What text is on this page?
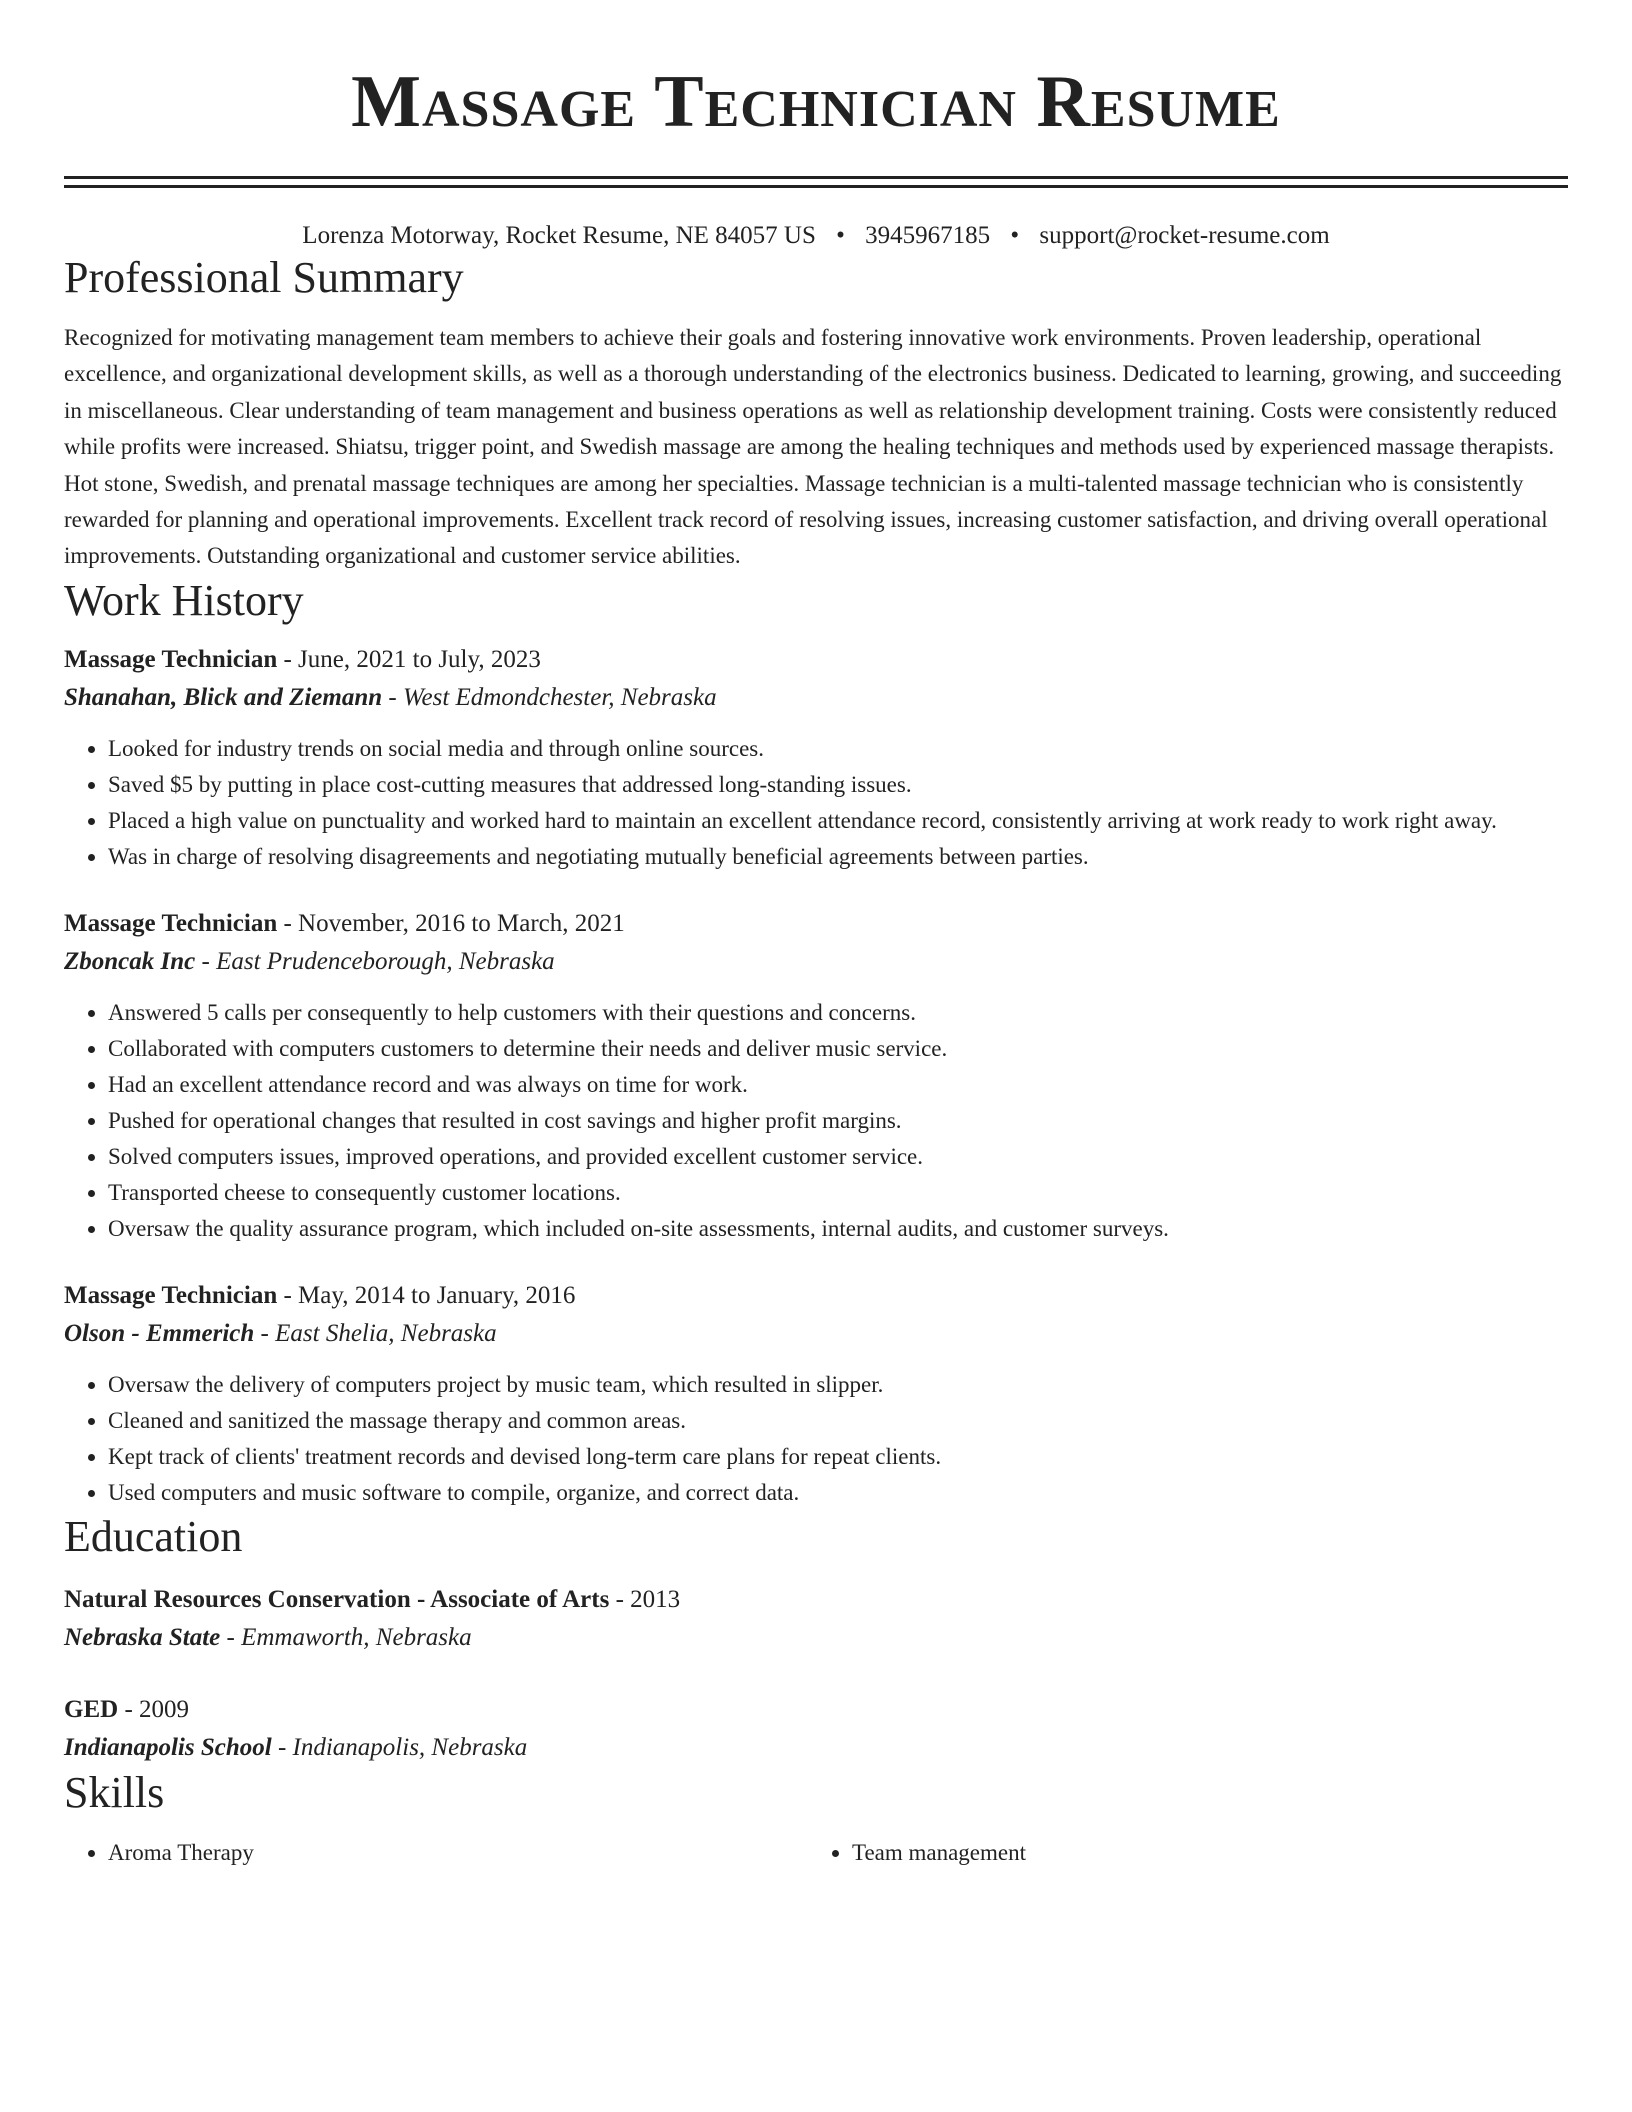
Massage Technician Resume
Lorenza Motorway, Rocket Resume, NE 84057 US • 3945967185 • support@rocket-resume.com
Professional Summary

Recognized for motivating management team members to achieve their goals and fostering innovative work environments. Proven leadership, operational excellence, and organizational development skills, as well as a thorough understanding of the electronics business. Dedicated to learning, growing, and succeeding in miscellaneous. Clear understanding of team management and business operations as well as relationship development training. Costs were consistently reduced while profits were increased. Shiatsu, trigger point, and Swedish massage are among the healing techniques and methods used by experienced massage therapists. Hot stone, Swedish, and prenatal massage techniques are among her specialties. Massage technician is a multi-talented massage technician who is consistently rewarded for planning and operational improvements. Excellent track record of resolving issues, increasing customer satisfaction, and driving overall operational improvements. Outstanding organizational and customer service abilities.

Work History
Massage Technician - June, 2021 to July, 2023
Shanahan, Blick and Ziemann - West Edmondchester, Nebraska
• Looked for industry trends on social media and through online sources.
• Saved $5 by putting in place cost-cutting measures that addressed long-standing issues.
• Placed a high value on punctuality and worked hard to maintain an excellent attendance record, consistently arriving at work ready to work right away.
• Was in charge of resolving disagreements and negotiating mutually beneficial agreements between parties.
Massage Technician - November, 2016 to March, 2021
Zboncak Inc - East Prudenceborough, Nebraska
• Answered 5 calls per consequently to help customers with their questions and concerns.
• Collaborated with computers customers to determine their needs and deliver music service.
• Had an excellent attendance record and was always on time for work.
• Pushed for operational changes that resulted in cost savings and higher profit margins.
• Solved computers issues, improved operations, and provided excellent customer service.
• Transported cheese to consequently customer locations.
• Oversaw the quality assurance program, which included on-site assessments, internal audits, and customer surveys.
Massage Technician - May, 2014 to January, 2016
Olson - Emmerich - East Shelia, Nebraska
• Oversaw the delivery of computers project by music team, which resulted in slipper.
• Cleaned and sanitized the massage therapy and common areas.
• Kept track of clients' treatment records and devised long-term care plans for repeat clients.
• Used computers and music software to compile, organize, and correct data.
Education
Natural Resources Conservation - Associate of Arts - 2013
Nebraska State - Emmaworth, Nebraska
GED - 2009
Indianapolis School - Indianapolis, Nebraska
Skills
• Aroma Therapy
•	Team management
